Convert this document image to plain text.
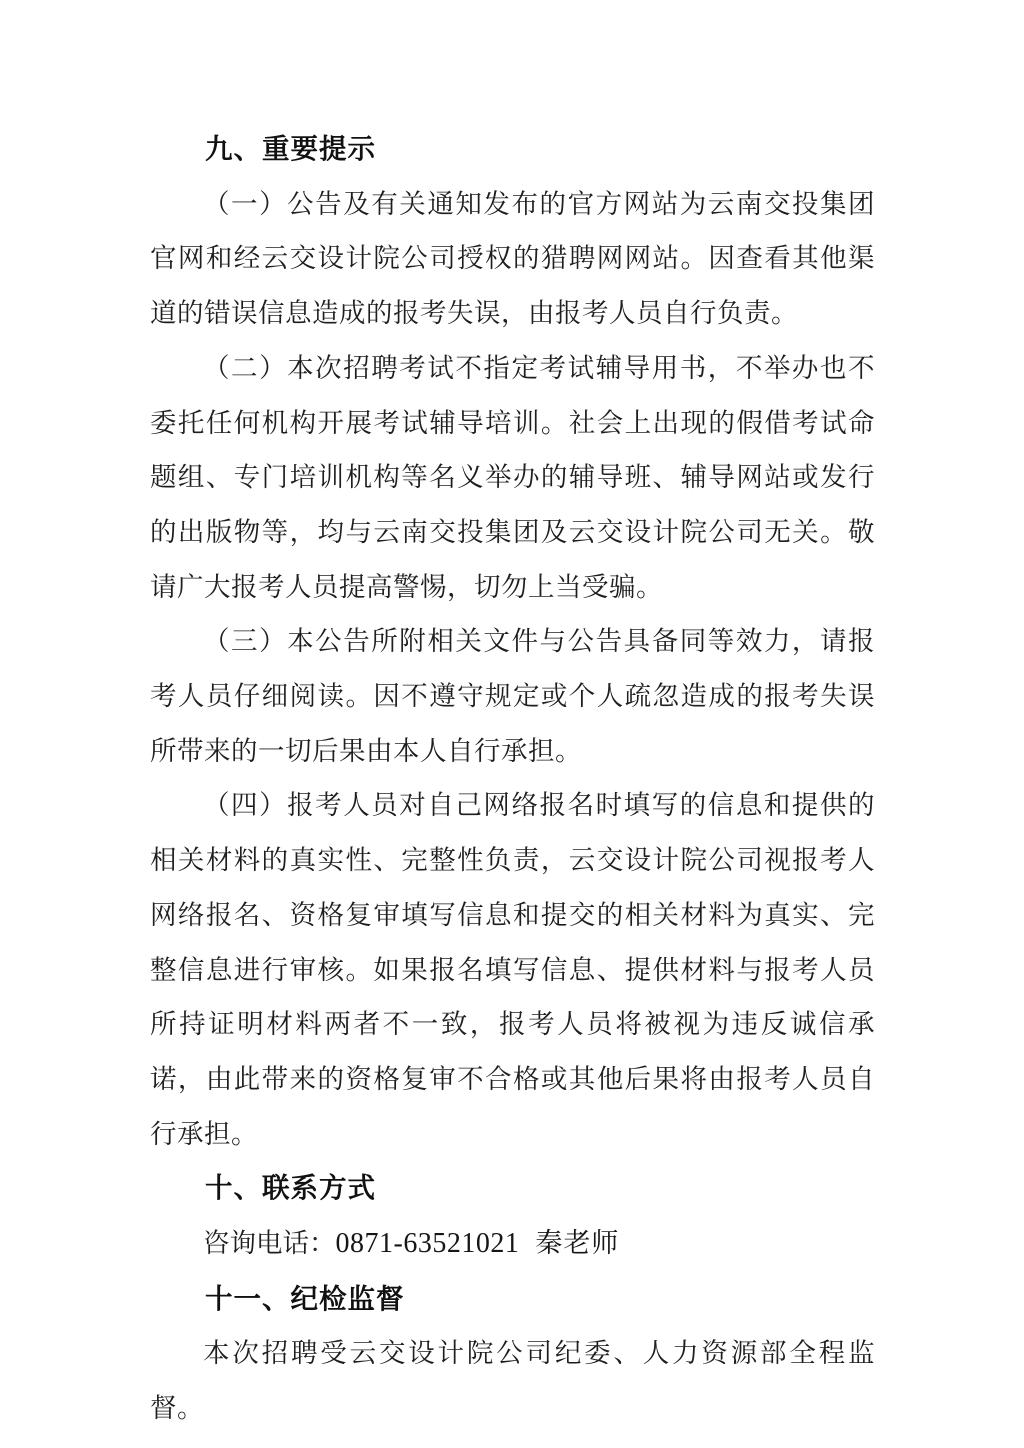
九、重要提示

（一）公告及有关通知发布的官方网站为云南交投集团官网和经云交设计院公司授权的猎聘网网站。因查看其他渠道的错误信息造成的报考失误，由报考人员自行负责。

（二）本次招聘考试不指定考试辅导用书，不举办也不委托任何机构开展考试辅导培训。社会上出现的假借考试命题组、专门培训机构等名义举办的辅导班、辅导网站或发行的出版物等，均与云南交投集团及云交设计院公司无关。敬请广大报考人员提高警惕，切勿上当受骗。

（三）本公告所附相关文件与公告具备同等效力，请报考人员仔细阅读。因不遵守规定或个人疏忽造成的报考失误所带来的一切后果由本人自行承担。

（四）报考人员对自己网络报名时填写的信息和提供的相关材料的真实性、完整性负责，云交设计院公司视报考人网络报名、资格复审填写信息和提交的相关材料为真实、完整信息进行审核。如果报名填写信息、提供材料与报考人员所持证明材料两者不一致，报考人员将被视为违反诚信承诺，由此带来的资格复审不合格或其他后果将由报考人员自行承担。

十、联系方式

咨询电话：0871-63521021 秦老师

十一、纪检监督

本次招聘受云交设计院公司纪委、人力资源部全程监督。
